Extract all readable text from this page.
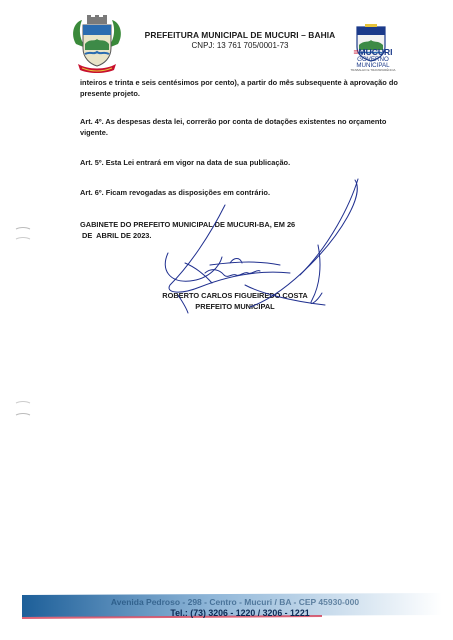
PREFEITURA MUNICIPAL DE MUCURI – BAHIA
CNPJ: 13 761 705/0001-73
=MUCURI
GOVERNO
MUNICIPAL
TRABALHO E TRANSPARÊNCIA
inteiros e trinta e seis centésimos por cento), a partir do mês subsequente à aprovação do presente projeto.
Art. 4º. As despesas desta lei, correrão por conta de dotações existentes no orçamento vigente.
Art. 5º. Esta Lei entrará em vigor na data de sua publicação.
Art. 6º. Ficam revogadas as disposições em contrário.
GABINETE DO PREFEITO MUNICIPAL DE MUCURI-BA, EM 26
DE  ABRIL DE 2023.
ROBERTO CARLOS FIGUEIREDO COSTA
PREFEITO MUNICIPAL
Avenida Pedroso - 298 - Centro - Mucuri / BA - CEP 45930-000
Tel.: (73) 3206 - 1220 / 3206 - 1221
